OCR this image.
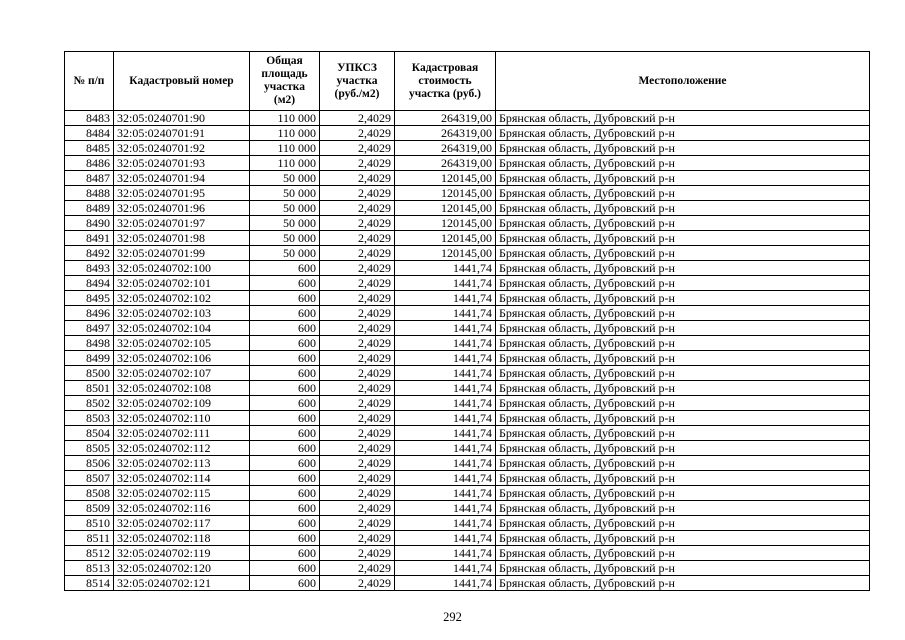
№ п/п	Кадастровый номер	Общая площадь участка (м2)	УПКСЗ участка (руб./м2)	Кадастровая стоимость участка (руб.)	Местоположение
8483	32:05:0240701:90	110 000	2,4029	264319,00	Брянская область, Дубровский р-н
8484	32:05:0240701:91	110 000	2,4029	264319,00	Брянская область, Дубровский р-н
8485	32:05:0240701:92	110 000	2,4029	264319,00	Брянская область, Дубровский р-н
8486	32:05:0240701:93	110 000	2,4029	264319,00	Брянская область, Дубровский р-н
8487	32:05:0240701:94	50 000	2,4029	120145,00	Брянская область, Дубровский р-н
8488	32:05:0240701:95	50 000	2,4029	120145,00	Брянская область, Дубровский р-н
8489	32:05:0240701:96	50 000	2,4029	120145,00	Брянская область, Дубровский р-н
8490	32:05:0240701:97	50 000	2,4029	120145,00	Брянская область, Дубровский р-н
8491	32:05:0240701:98	50 000	2,4029	120145,00	Брянская область, Дубровский р-н
8492	32:05:0240701:99	50 000	2,4029	120145,00	Брянская область, Дубровский р-н
8493	32:05:0240702:100	600	2,4029	1441,74	Брянская область, Дубровский р-н
8494	32:05:0240702:101	600	2,4029	1441,74	Брянская область, Дубровский р-н
8495	32:05:0240702:102	600	2,4029	1441,74	Брянская область, Дубровский р-н
8496	32:05:0240702:103	600	2,4029	1441,74	Брянская область, Дубровский р-н
8497	32:05:0240702:104	600	2,4029	1441,74	Брянская область, Дубровский р-н
8498	32:05:0240702:105	600	2,4029	1441,74	Брянская область, Дубровский р-н
8499	32:05:0240702:106	600	2,4029	1441,74	Брянская область, Дубровский р-н
8500	32:05:0240702:107	600	2,4029	1441,74	Брянская область, Дубровский р-н
8501	32:05:0240702:108	600	2,4029	1441,74	Брянская область, Дубровский р-н
8502	32:05:0240702:109	600	2,4029	1441,74	Брянская область, Дубровский р-н
8503	32:05:0240702:110	600	2,4029	1441,74	Брянская область, Дубровский р-н
8504	32:05:0240702:111	600	2,4029	1441,74	Брянская область, Дубровский р-н
8505	32:05:0240702:112	600	2,4029	1441,74	Брянская область, Дубровский р-н
8506	32:05:0240702:113	600	2,4029	1441,74	Брянская область, Дубровский р-н
8507	32:05:0240702:114	600	2,4029	1441,74	Брянская область, Дубровский р-н
8508	32:05:0240702:115	600	2,4029	1441,74	Брянская область, Дубровский р-н
8509	32:05:0240702:116	600	2,4029	1441,74	Брянская область, Дубровский р-н
8510	32:05:0240702:117	600	2,4029	1441,74	Брянская область, Дубровский р-н
8511	32:05:0240702:118	600	2,4029	1441,74	Брянская область, Дубровский р-н
8512	32:05:0240702:119	600	2,4029	1441,74	Брянская область, Дубровский р-н
8513	32:05:0240702:120	600	2,4029	1441,74	Брянская область, Дубровский р-н
8514	32:05:0240702:121	600	2,4029	1441,74	Брянская область, Дубровский р-н
292
